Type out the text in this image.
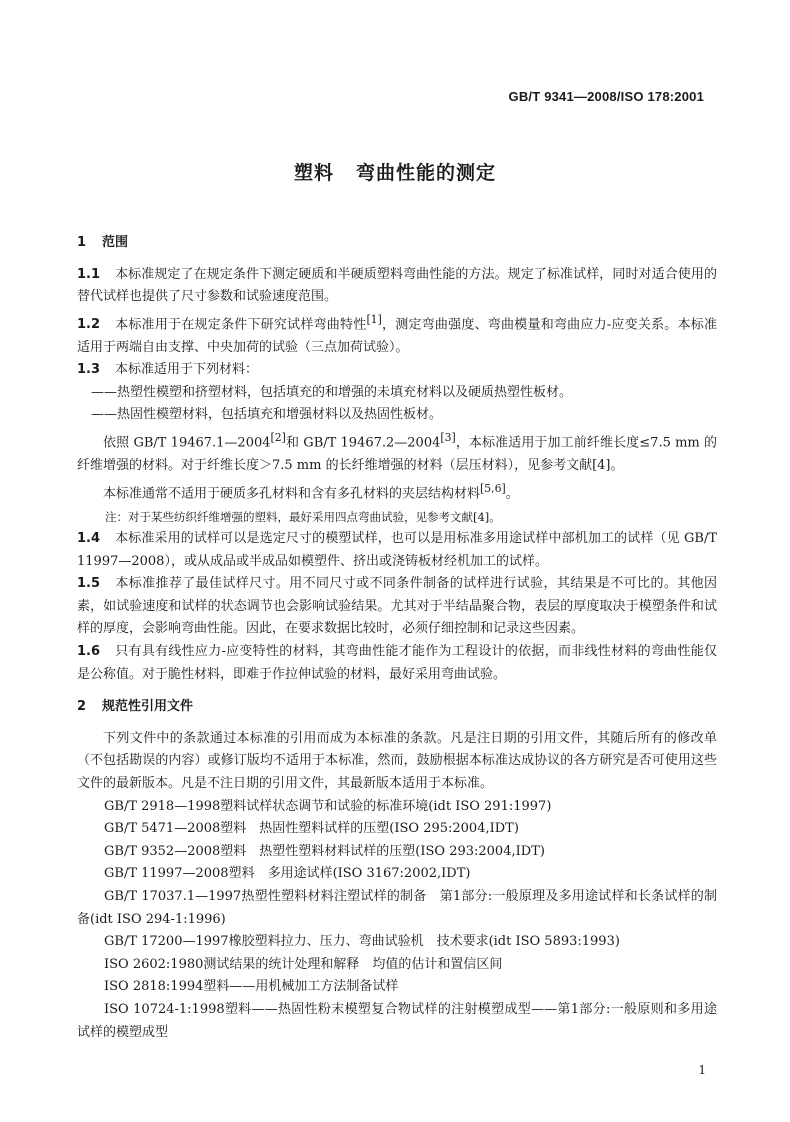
GB/T 9341—2008/ISO 178:2001
塑料 弯曲性能的测定
1 范围

1.1 本标准规定了在规定条件下测定硬质和半硬质塑料弯曲性能的方法。规定了标准试样，同时对适合使用的替代试样也提供了尺寸参数和试验速度范围。

1.2 本标准用于在规定条件下研究试样弯曲特性[1]，测定弯曲强度、弯曲模量和弯曲应力-应变关系。本标准适用于两端自由支撑、中央加荷的试验（三点加荷试验）。

1.3 本标准适用于下列材料：

——热塑性模塑和挤塑材料，包括填充的和增强的未填充材料以及硬质热塑性板材。

——热固性模塑材料，包括填充和增强材料以及热固性板材。

依照 GB/T 19467.1—2004[2]和 GB/T 19467.2—2004[3]，本标准适用于加工前纤维长度≤7.5 mm 的纤维增强的材料。对于纤维长度＞7.5 mm 的长纤维增强的材料（层压材料），见参考文献[4]。

本标准通常不适用于硬质多孔材料和含有多孔材料的夹层结构材料[5,6]。

注：对于某些纺织纤维增强的塑料，最好采用四点弯曲试验，见参考文献[4]。

1.4 本标准采用的试样可以是选定尺寸的模塑试样，也可以是用标准多用途试样中部机加工的试样（见 GB/T 11997—2008），或从成品或半成品如模塑件、挤出或浇铸板材经机加工的试样。

1.5 本标准推荐了最佳试样尺寸。用不同尺寸或不同条件制备的试样进行试验，其结果是不可比的。其他因素，如试验速度和试样的状态调节也会影响试验结果。尤其对于半结晶聚合物，表层的厚度取决于模塑条件和试样的厚度，会影响弯曲性能。因此，在要求数据比较时，必须仔细控制和记录这些因素。

1.6 只有具有线性应力-应变特性的材料，其弯曲性能才能作为工程设计的依据，而非线性材料的弯曲性能仅是公称值。对于脆性材料，即难于作拉伸试验的材料，最好采用弯曲试验。

2 规范性引用文件

下列文件中的条款通过本标准的引用而成为本标准的条款。凡是注日期的引用文件，其随后所有的修改单（不包括勘误的内容）或修订版均不适用于本标准，然而，鼓励根据本标准达成协议的各方研究是否可使用这些文件的最新版本。凡是不注日期的引用文件，其最新版本适用于本标准。

GB/T 2918—1998塑料试样状态调节和试验的标准环境(idt ISO 291:1997)

GB/T 5471—2008塑料　热固性塑料试样的压塑(ISO 295:2004,IDT)

GB/T 9352—2008塑料　热塑性塑料材料试样的压塑(ISO 293:2004,IDT)

GB/T 11997—2008塑料　多用途试样(ISO 3167:2002,IDT)

GB/T 17037.1—1997热塑性塑料材料注塑试样的制备　第1部分:一般原理及多用途试样和长条试样的制备(idt ISO 294-1:1996)

GB/T 17200—1997橡胶塑料拉力、压力、弯曲试验机　技术要求(idt ISO 5893:1993)

ISO 2602:1980测试结果的统计处理和解释　均值的估计和置信区间

ISO 2818:1994塑料——用机械加工方法制备试样

ISO 10724-1:1998塑料——热固性粉末模塑复合物试样的注射模塑成型——第1部分:一般原则和多用途试样的模塑成型

1
